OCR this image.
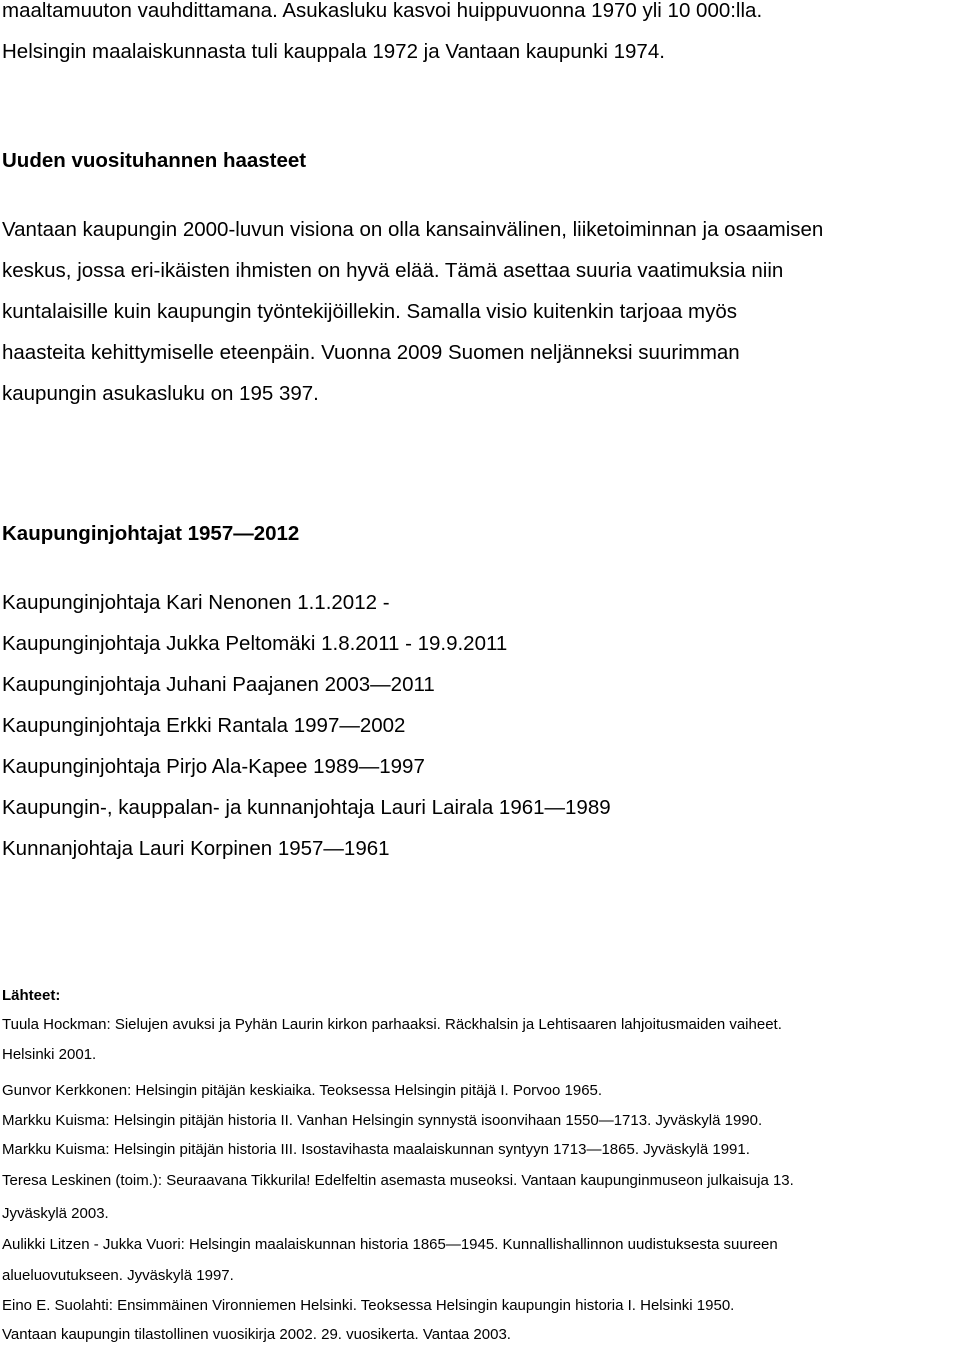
maaltamuuton vauhdittamana. Asukasluku kasvoi huippuvuonna 1970 yli 10 000:lla.

Helsingin maalaiskunnasta tuli kauppala 1972 ja Vantaan kaupunki 1974.

Uuden vuosituhannen haasteet

Vantaan kaupungin 2000-luvun visiona on olla kansainvälinen, liiketoiminnan ja osaamisen

keskus, jossa eri-ikäisten ihmisten on hyvä elää. Tämä asettaa suuria vaatimuksia niin

kuntalaisille kuin kaupungin työntekijöillekin. Samalla visio kuitenkin tarjoaa myös

haasteita kehittymiselle eteenpäin. Vuonna 2009 Suomen neljänneksi suurimman

kaupungin asukasluku on 195 397.

Kaupunginjohtajat 1957—2012

Kaupunginjohtaja Kari Nenonen 1.1.2012 -

Kaupunginjohtaja Jukka Peltomäki 1.8.2011 - 19.9.2011

Kaupunginjohtaja Juhani Paajanen 2003—2011

Kaupunginjohtaja Erkki Rantala 1997—2002

Kaupunginjohtaja Pirjo Ala-Kapee 1989—1997

Kaupungin-, kauppalan- ja kunnanjohtaja Lauri Lairala 1961—1989

Kunnanjohtaja Lauri Korpinen 1957—1961

Lähteet:

Tuula Hockman: Sielujen avuksi ja Pyhän Laurin kirkon parhaaksi. Räckhalsin ja Lehtisaaren lahjoitusmaiden vaiheet.

Helsinki 2001.

Gunvor Kerkkonen: Helsingin pitäjän keskiaika. Teoksessa Helsingin pitäjä I. Porvoo 1965.

Markku Kuisma: Helsingin pitäjän historia II. Vanhan Helsingin synnystä isoonvihaan 1550—1713. Jyväskylä 1990.

Markku Kuisma: Helsingin pitäjän historia III. Isostavihasta maalaiskunnan syntyyn 1713—1865. Jyväskylä 1991.

Teresa Leskinen (toim.): Seuraavana Tikkurila! Edelfeltin asemasta museoksi. Vantaan kaupunginmuseon julkaisuja 13.

Jyväskylä 2003.

Aulikki Litzen - Jukka Vuori: Helsingin maalaiskunnan historia 1865—1945. Kunnallishallinnon uudistuksesta suureen

alueluovutukseen. Jyväskylä 1997.

Eino E. Suolahti: Ensimmäinen Vironniemen Helsinki. Teoksessa Helsingin kaupungin historia I. Helsinki 1950.

Vantaan kaupungin tilastollinen vuosikirja 2002. 29. vuosikerta. Vantaa 2003.
